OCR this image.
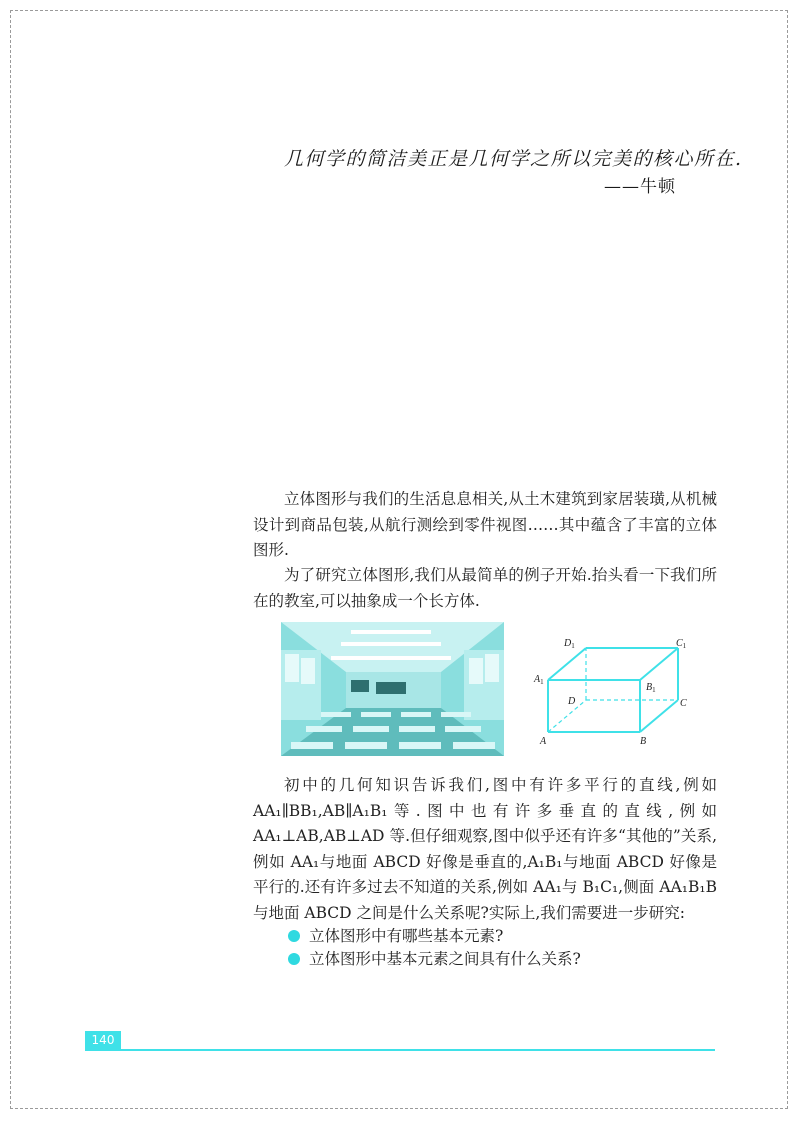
几何学的简洁美正是几何学之所以完美的核心所在.
——牛顿

立体图形与我们的生活息息相关,从土木建筑到家居装璜,从机械设计到商品包装,从航行测绘到零件视图……其中蕴含了丰富的立体图形.

为了研究立体图形,我们从最简单的例子开始.抬头看一下我们所在的教室,可以抽象成一个长方体.

A	B
C
D
$A_1$	$B_1$
$C_1$
$D_1$

初中的几何知识告诉我们,图中有许多平行的直线,例如 AA₁∥BB₁,AB∥A₁B₁等.图中也有许多垂直的直线,例如 AA₁⊥AB,AB⊥AD 等.但仔细观察,图中似乎还有许多“其他的”关系,例如 AA₁与地面 ABCD 好像是垂直的,A₁B₁与地面 ABCD 好像是平行的.还有许多过去不知道的关系,例如 AA₁与 B₁C₁,侧面 AA₁B₁B 与地面 ABCD 之间是什么关系呢?实际上,我们需要进一步研究:

立体图形中有哪些基本元素?
立体图形中基本元素之间具有什么关系?
140
